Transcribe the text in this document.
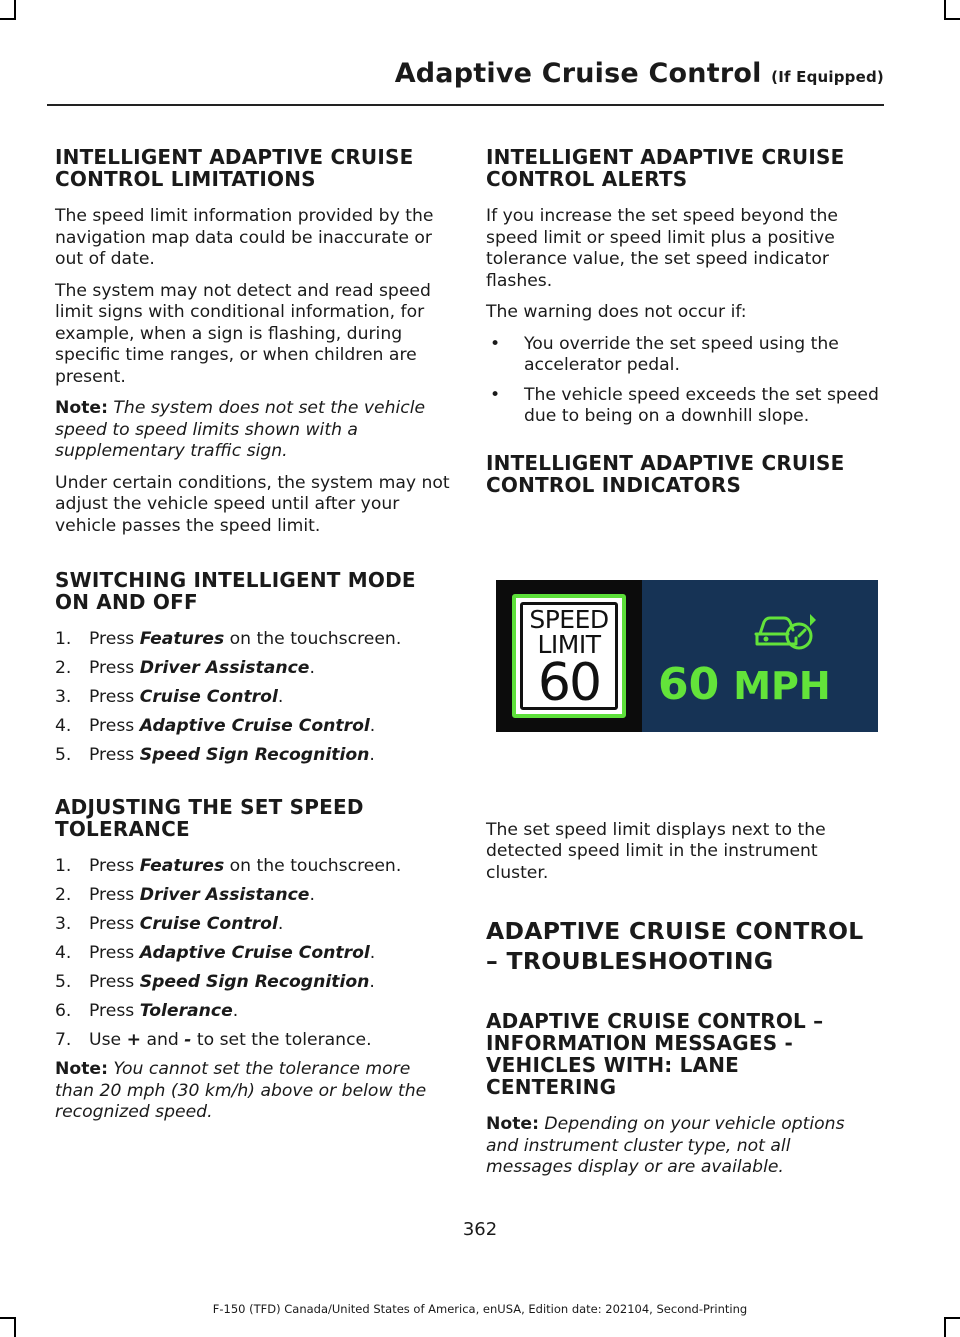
Adaptive Cruise Control (If Equipped)
INTELLIGENT ADAPTIVE CRUISE
CONTROL LIMITATIONS

The speed limit information provided by the navigation map data could be inaccurate or out of date.

The system may not detect and read speed limit signs with conditional information, for example, when a sign is flashing, during specific time ranges, or when children are present.

Note: The system does not set the vehicle speed to speed limits shown with a supplementary traffic sign.

Under certain conditions, the system may not adjust the vehicle speed until after your vehicle passes the speed limit.

SWITCHING INTELLIGENT MODE
ON AND OFF
1.	Press Features on the touchscreen.
2.	Press Driver Assistance.
3.	Press Cruise Control.
4.	Press Adaptive Cruise Control.
5.	Press Speed Sign Recognition.
ADJUSTING THE SET SPEED
TOLERANCE
1.	Press Features on the touchscreen.
2.	Press Driver Assistance.
3.	Press Cruise Control.
4.	Press Adaptive Cruise Control.
5.	Press Speed Sign Recognition.
6.	Press Tolerance.
7.	Use + and - to set the tolerance.

Note: You cannot set the tolerance more than 20 mph (30 km/h) above or below the recognized speed.

INTELLIGENT ADAPTIVE CRUISE
CONTROL ALERTS

If you increase the set speed beyond the speed limit or speed limit plus a positive tolerance value, the set speed indicator flashes.

The warning does not occur if:

•	You override the set speed using the accelerator pedal.
•	The vehicle speed exceeds the set speed due to being on a downhill slope.
INTELLIGENT ADAPTIVE CRUISE
CONTROL INDICATORS
SPEED
LIMIT
60	60 MPH

The set speed limit displays next to the detected speed limit in the instrument cluster.

ADAPTIVE CRUISE CONTROL
– TROUBLESHOOTING
ADAPTIVE CRUISE CONTROL –
INFORMATION MESSAGES -
VEHICLES WITH: LANE
CENTERING

Note: Depending on your vehicle options and instrument cluster type, not all messages display or are available.

362
F-150 (TFD) Canada/United States of America, enUSA, Edition date: 202104, Second-Printing
